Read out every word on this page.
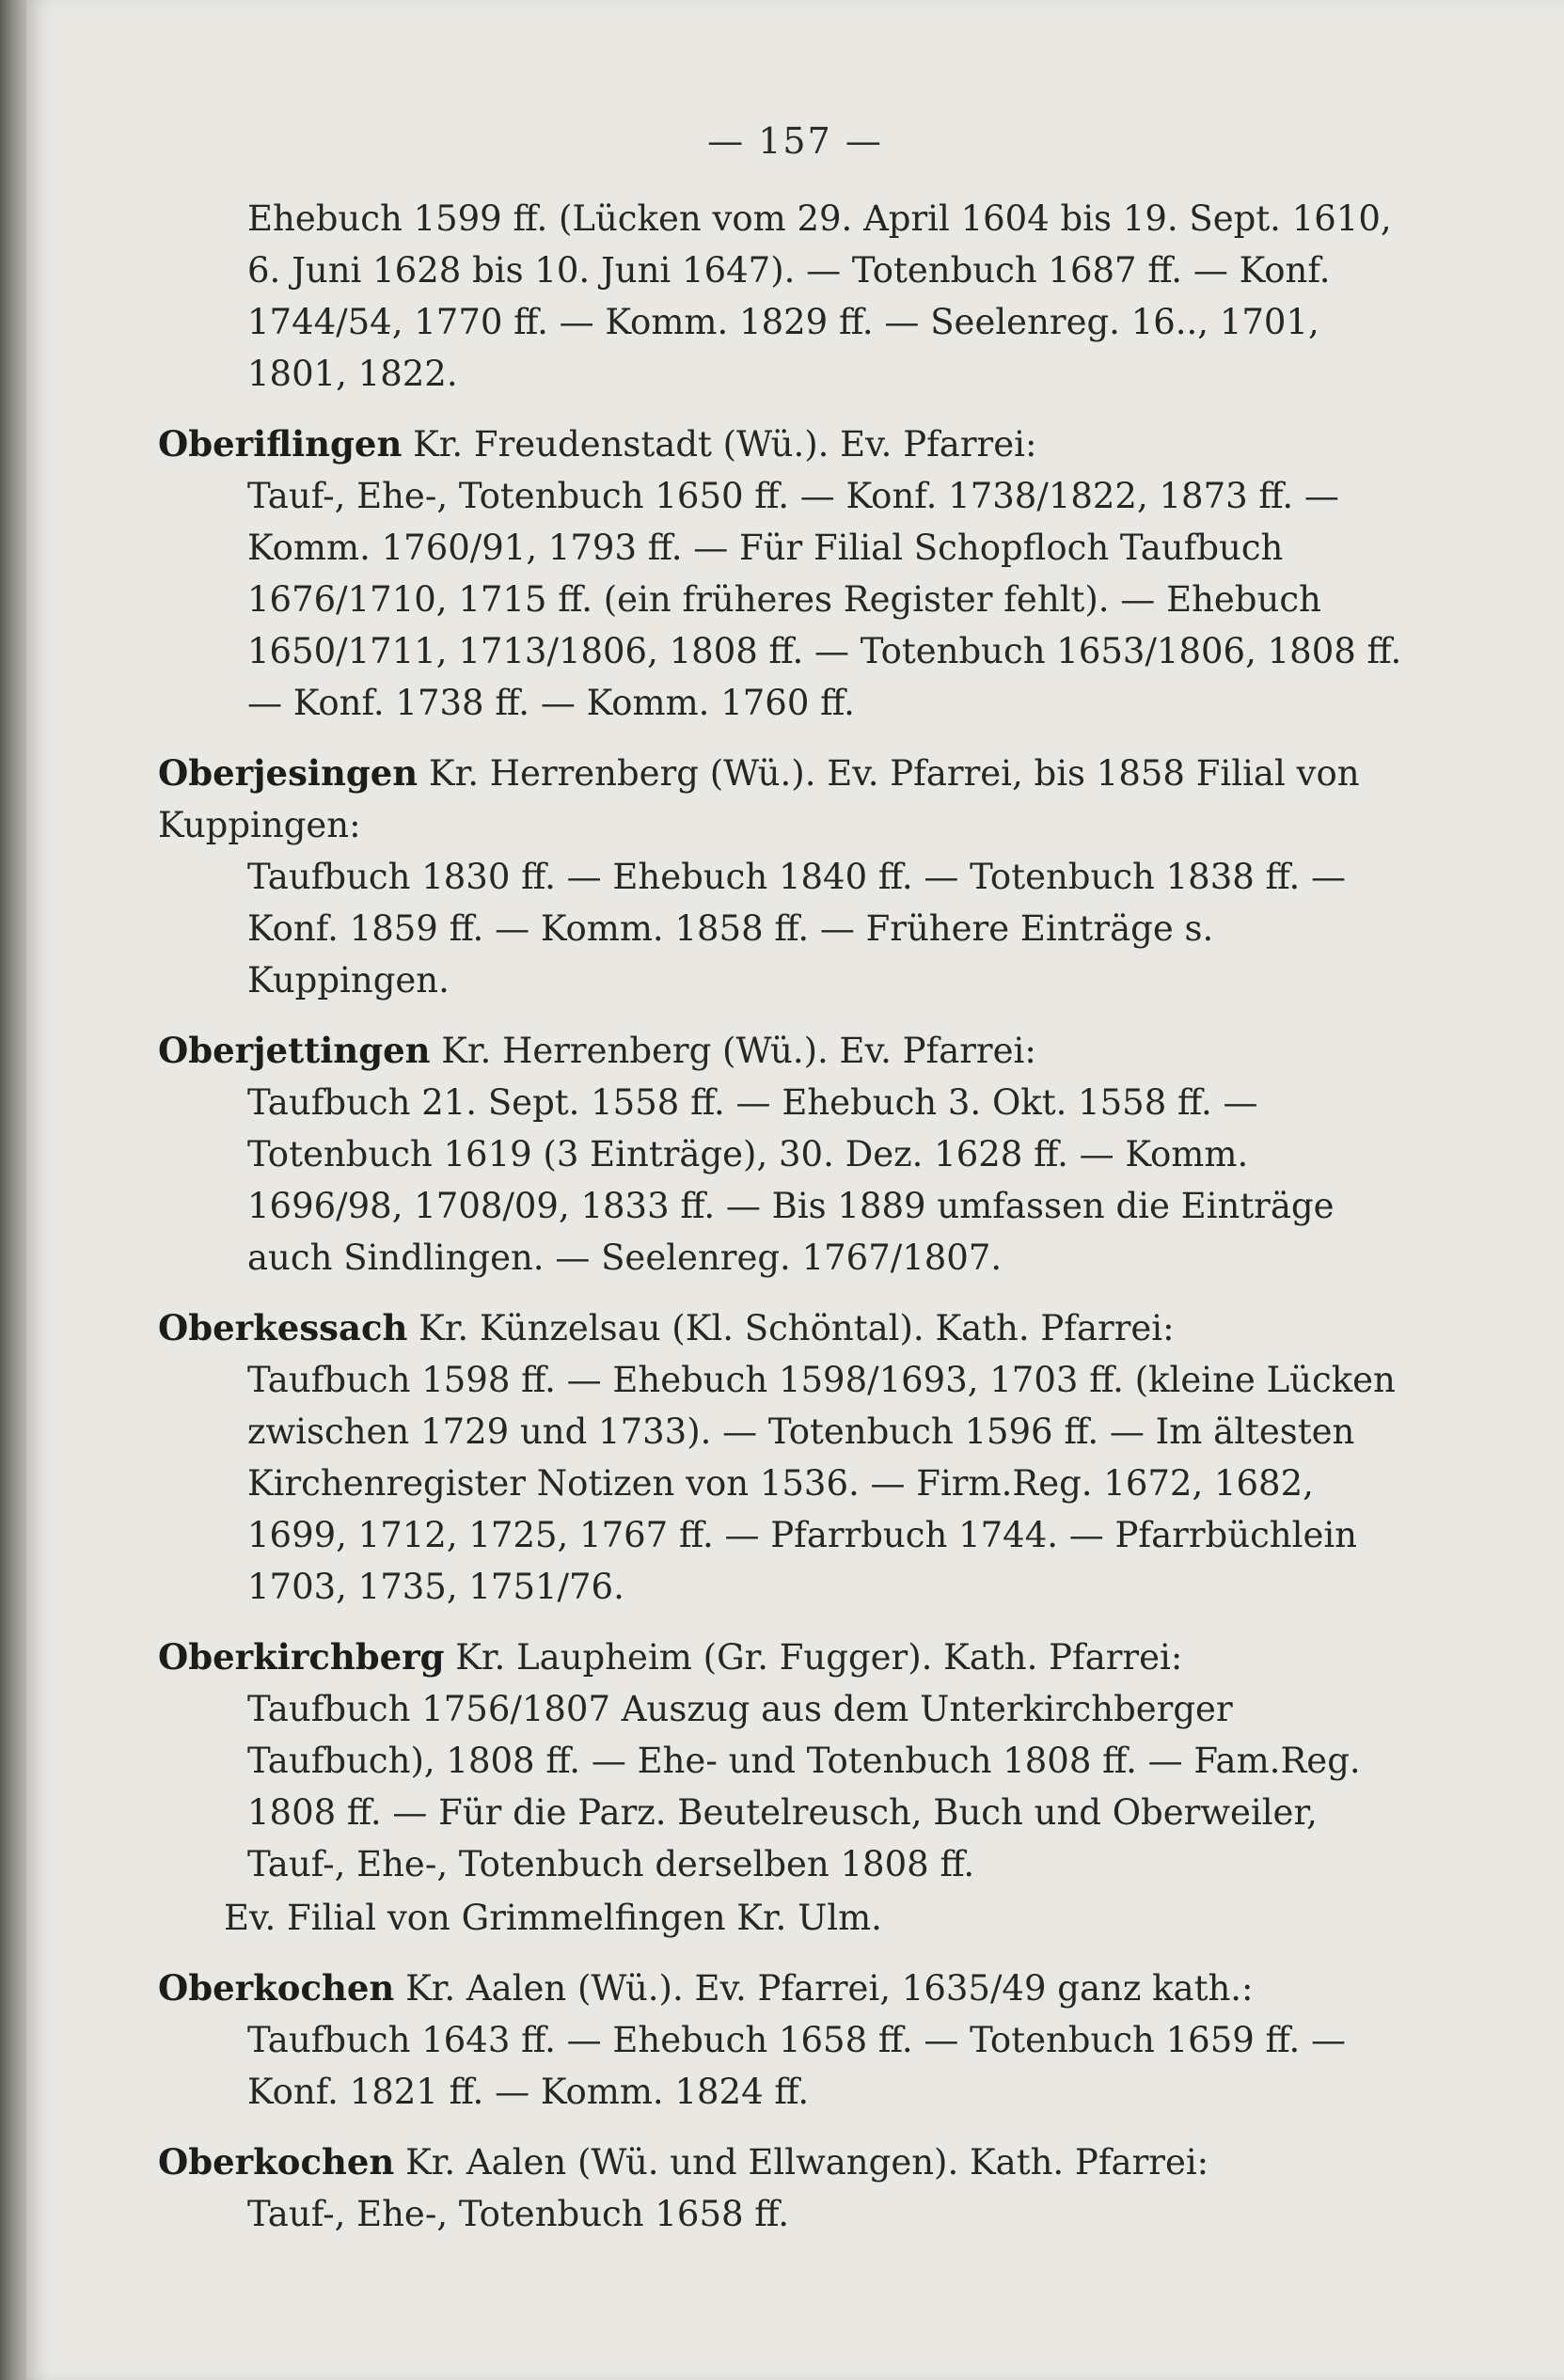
— 157 —
Ehebuch 1599 ff. (Lücken vom 29. April 1604 bis 19. Sept. 1610, 6. Juni 1628 bis 10. Juni 1647). — Totenbuch 1687 ff. — Konf. 1744/54, 1770 ff. — Komm. 1829 ff. — Seelenreg. 16.., 1701, 1801, 1822.
Oberiflingen Kr. Freudenstadt (Wü.). Ev. Pfarrei:
Tauf-, Ehe-, Totenbuch 1650 ff. — Konf. 1738/1822, 1873 ff. — Komm. 1760/91, 1793 ff. — Für Filial Schopfloch Taufbuch 1676/1710, 1715 ff. (ein früheres Register fehlt). — Ehebuch 1650/1711, 1713/1806, 1808 ff. — Totenbuch 1653/1806, 1808 ff. — Konf. 1738 ff. — Komm. 1760 ff.
Oberjesingen Kr. Herrenberg (Wü.). Ev. Pfarrei, bis 1858 Filial von Kuppingen:
Taufbuch 1830 ff. — Ehebuch 1840 ff. — Totenbuch 1838 ff. — Konf. 1859 ff. — Komm. 1858 ff. — Frühere Einträge s. Kuppingen.
Oberjettingen Kr. Herrenberg (Wü.). Ev. Pfarrei:
Taufbuch 21. Sept. 1558 ff. — Ehebuch 3. Okt. 1558 ff. — Totenbuch 1619 (3 Einträge), 30. Dez. 1628 ff. — Komm. 1696/98, 1708/09, 1833 ff. — Bis 1889 umfassen die Einträge auch Sindlingen. — Seelenreg. 1767/1807.
Oberkessach Kr. Künzelsau (Kl. Schöntal). Kath. Pfarrei:
Taufbuch 1598 ff. — Ehebuch 1598/1693, 1703 ff. (kleine Lücken zwischen 1729 und 1733). — Totenbuch 1596 ff. — Im ältesten Kirchenregister Notizen von 1536. — Firm.Reg. 1672, 1682, 1699, 1712, 1725, 1767 ff. — Pfarrbuch 1744. — Pfarrbüchlein 1703, 1735, 1751/76.
Oberkirchberg Kr. Laupheim (Gr. Fugger). Kath. Pfarrei:
Taufbuch 1756/1807 Auszug aus dem Unterkirchberger Taufbuch), 1808 ff. — Ehe- und Totenbuch 1808 ff. — Fam.Reg. 1808 ff. — Für die Parz. Beutelreusch, Buch und Oberweiler, Tauf-, Ehe-, Totenbuch derselben 1808 ff.
Ev. Filial von Grimmelfingen Kr. Ulm.
Oberkochen Kr. Aalen (Wü.). Ev. Pfarrei, 1635/49 ganz kath.:
Taufbuch 1643 ff. — Ehebuch 1658 ff. — Totenbuch 1659 ff. — Konf. 1821 ff. — Komm. 1824 ff.
Oberkochen Kr. Aalen (Wü. und Ellwangen). Kath. Pfarrei:
Tauf-, Ehe-, Totenbuch 1658 ff.
